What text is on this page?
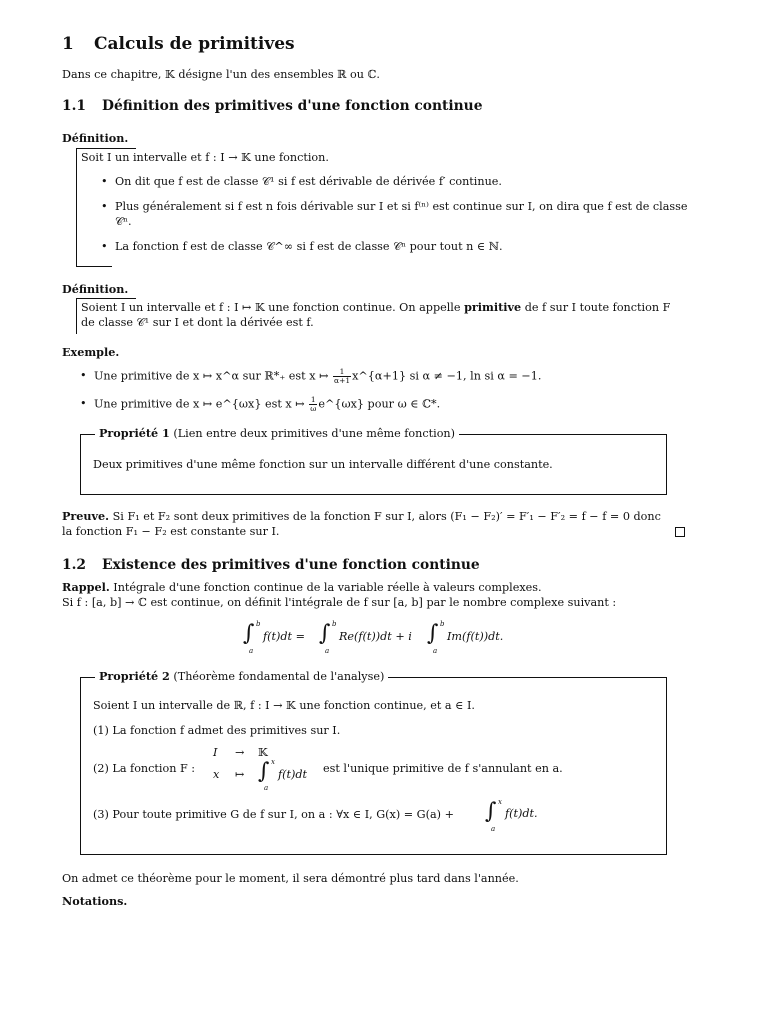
1 Calculs de primitives
Dans ce chapitre, 𝕂 désigne l'un des ensembles ℝ ou ℂ.
1.1 Définition des primitives d'une fonction continue
Définition.
Soit I un intervalle et f : I → 𝕂 une fonction.
• On dit que f est de classe 𝒞¹ si f est dérivable de dérivée f′ continue.
• Plus généralement si f est n fois dérivable sur I et si f⁽ⁿ⁾ est continue sur I, on dira que f est de classe 𝒞ⁿ.
• La fonction f est de classe 𝒞^∞ si f est de classe 𝒞ⁿ pour tout n ∈ ℕ.
Définition.
Soient I un intervalle et f : I ↦ 𝕂 une fonction continue. On appelle primitive de f sur I toute fonction F de classe 𝒞¹ sur I et dont la dérivée est f.
Exemple.
• Une primitive de x ↦ x^α sur ℝ*₊ est x ↦ $\frac{1}{\alpha+1}$ x^{α+1} si α ≠ −1, ln si α = −1.
• Une primitive de x ↦ e^{ωx} est x ↦ $\frac{1}{\omega}$ e^{ωx} pour ω ∈ ℂ*.
Propriété 1 (Lien entre deux primitives d'une même fonction)
Deux primitives d'une même fonction sur un intervalle différent d'une constante.
Preuve. Si F₁ et F₂ sont deux primitives de la fonction F sur I, alors (F₁ − F₂)′ = F′₁ − F′₂ = f − f = 0 donc
la fonction F₁ − F₂ est constante sur I.
1.2 Existence des primitives d'une fonction continue
Rappel. Intégrale d'une fonction continue de la variable réelle à valeurs complexes.
Si f : [a, b] → ℂ est continue, on définit l'intégrale de f sur [a, b] par le nombre complexe suivant :
∫ b
a
f(t)dt = ∫ b
a
Re(f(t))dt + i ∫ b
a
Im(f(t))dt.
Propriété 2 (Théorème fondamental de l'analyse)
Soient I un intervalle de ℝ, f : I → 𝕂 une fonction continue, et a ∈ I.
(1) La fonction f admet des primitives sur I.
(2) La fonction F :
I → 𝕂
x ↦ ∫ x
a
f(t)dt est l'unique primitive de f s'annulant en a.
(3) Pour toute primitive G de f sur I, on a : ∀x ∈ I, G(x) = G(a) + ∫ x
a
f(t)dt.
On admet ce théorème pour le moment, il sera démontré plus tard dans l'année.
Notations.
